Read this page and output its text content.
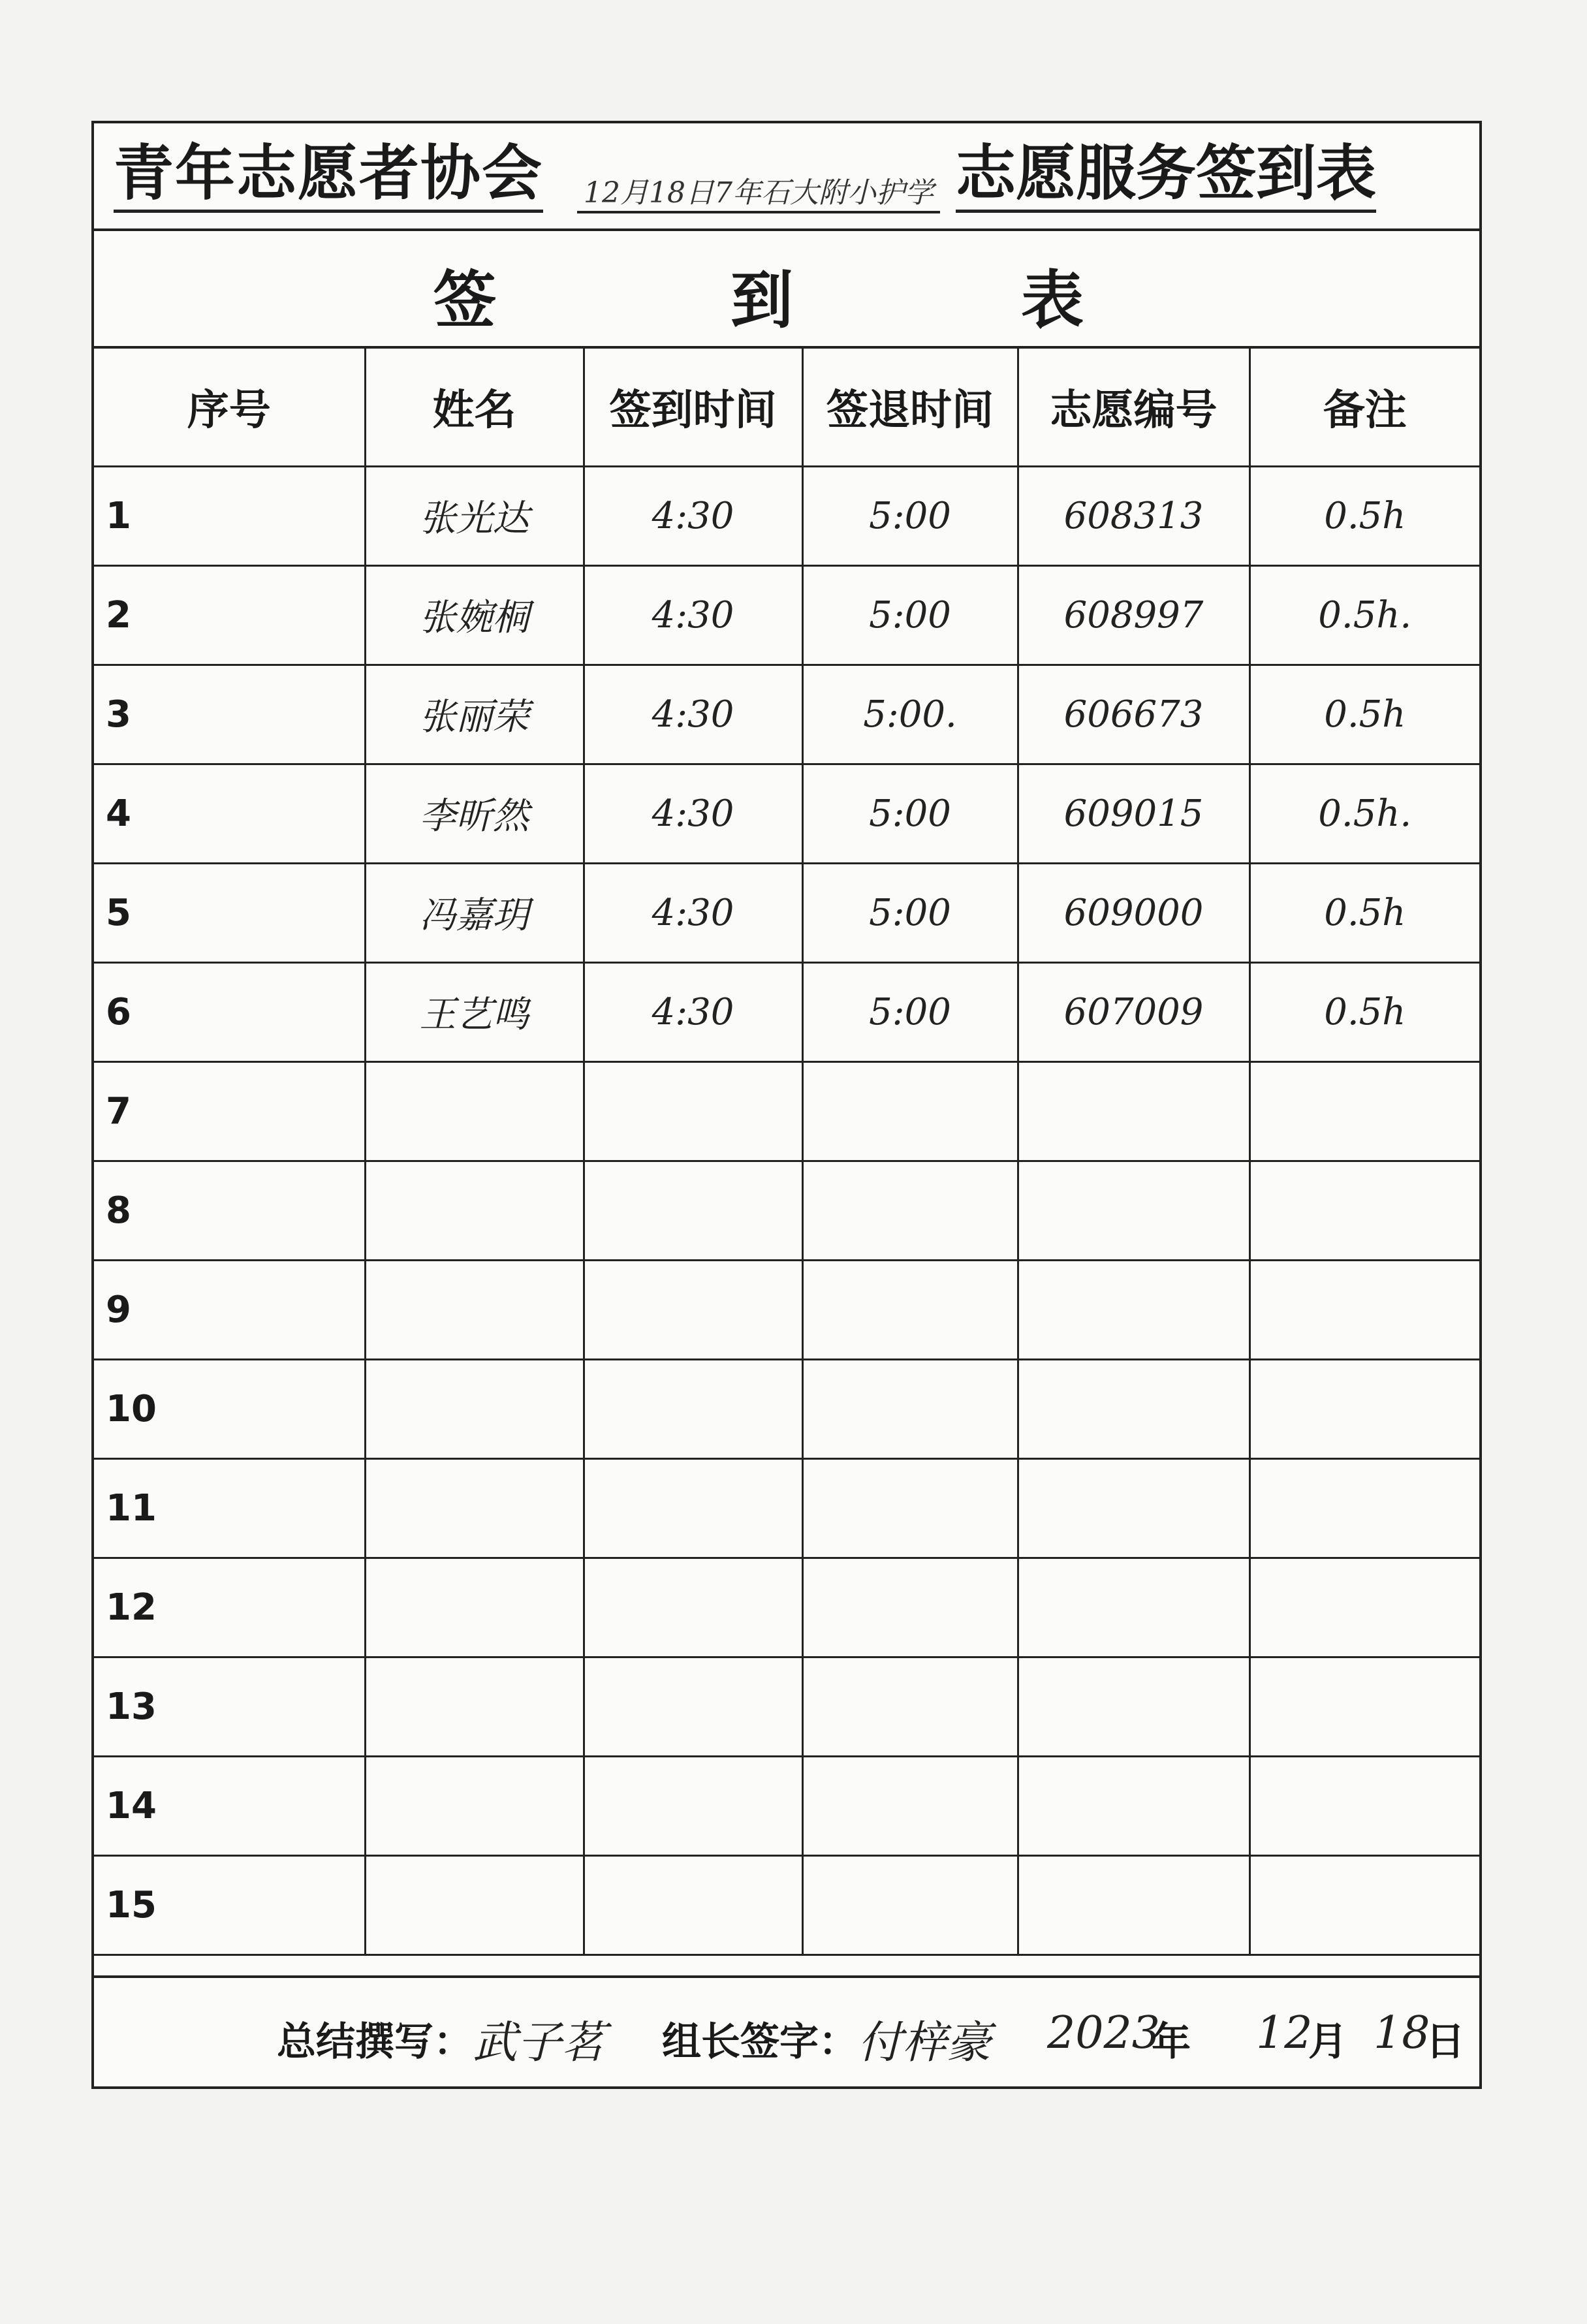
青年志愿者协会 12月18日7年石大附小护学 志愿服务签到表
签	到	表
序号	姓名	签到时间	签退时间	志愿编号	备注
1	张光达	4:30	5:00	608313	0.5h
2	张婉桐	4:30	5:00	608997	0.5h.
3	张丽荣	4:30	5:00.	606673	0.5h
4	李昕然	4:30	5:00	609015	0.5h.
5	冯嘉玥	4:30	5:00	609000	0.5h
6	王艺鸣	4:30	5:00	607009	0.5h
7					
8					
9					
10					
11					
12					
13					
14					
15					
总结撰写： 武子茗 组长签字： 付梓豪 2023
年 12
月 18
日
